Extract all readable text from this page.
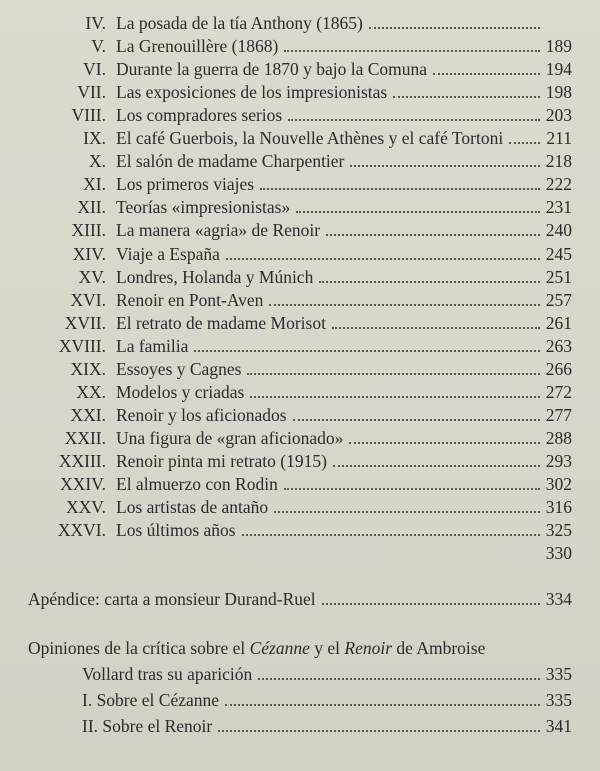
IV. La posada de la tía Anthony (1865)
V. La Grenouillère (1868)	189
VI. Durante la guerra de 1870 y bajo la Comuna	194
VII. Las exposiciones de los impresionistas	198
VIII. Los compradores serios	203
IX. El café Guerbois, la Nouvelle Athènes y el café Tortoni 211
X. El salón de madame Charpentier	218
XI. Los primeros viajes	222
XII. Teorías «impresionistas»	231
XIII. La manera «agria» de Renoir	240
XIV. Viaje a España	245
XV. Londres, Holanda y Múnich	251
XVI. Renoir en Pont-Aven	257
XVII. El retrato de madame Morisot	261
XVIII. La familia	263
XIX. Essoyes y Cagnes	266
XX. Modelos y criadas	272
XXI. Renoir y los aficionados	277
XXII. Una figura de «gran aficionado»	288
XXIII. Renoir pinta mi retrato (1915)	293
XXIV. El almuerzo con Rodin	302
XXV. Los artistas de antaño	316
XXVI. Los últimos años	325
330
Apéndice: carta a monsieur Durand-Ruel	334
Opiniones de la crítica sobre el Cézanne y el Renoir de Ambroise
Vollard tras su aparición	335
I. Sobre el Cézanne	335
II. Sobre el Renoir	341
